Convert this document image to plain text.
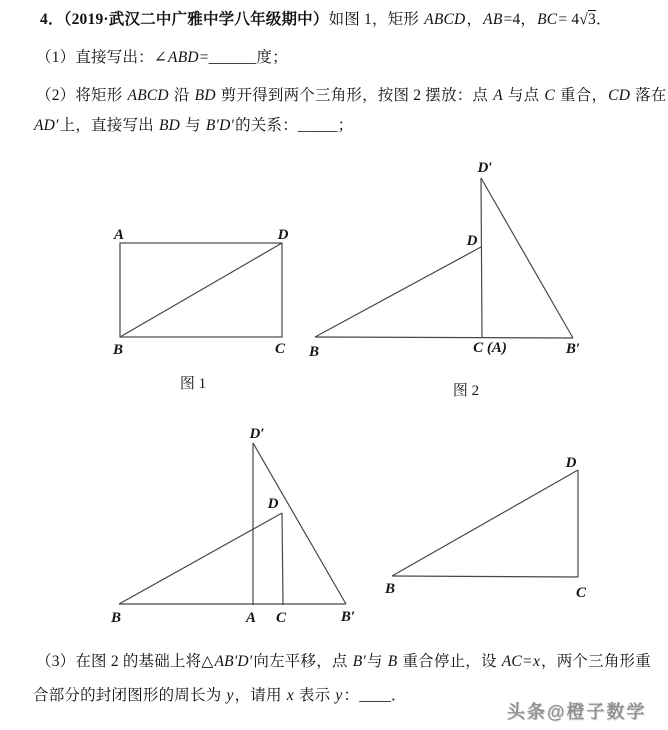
4．（2019·武汉二中广雅中学八年级期中）如图 1，矩形 ABCD，AB=4，BC= 4√3．

（1）直接写出：∠ABD=______度；

（2）将矩形 ABCD 沿 BD 剪开得到两个三角形，按图 2 摆放：点 A 与点 C 重合，CD 落在

AD′上，直接写出 BD 与 B′D′的关系：_____；

A	D
B	C
图 1
D′
D
B	C (A)	B′
图 2
D′
D
B	A C	B′
D
B	C

（3）在图 2 的基础上将△AB′D′向左平移，点 B′与 B 重合停止，设 AC=x，两个三角形重

合部分的封闭图形的周长为 y，请用 x 表示 y：____．

头条@橙子数学
